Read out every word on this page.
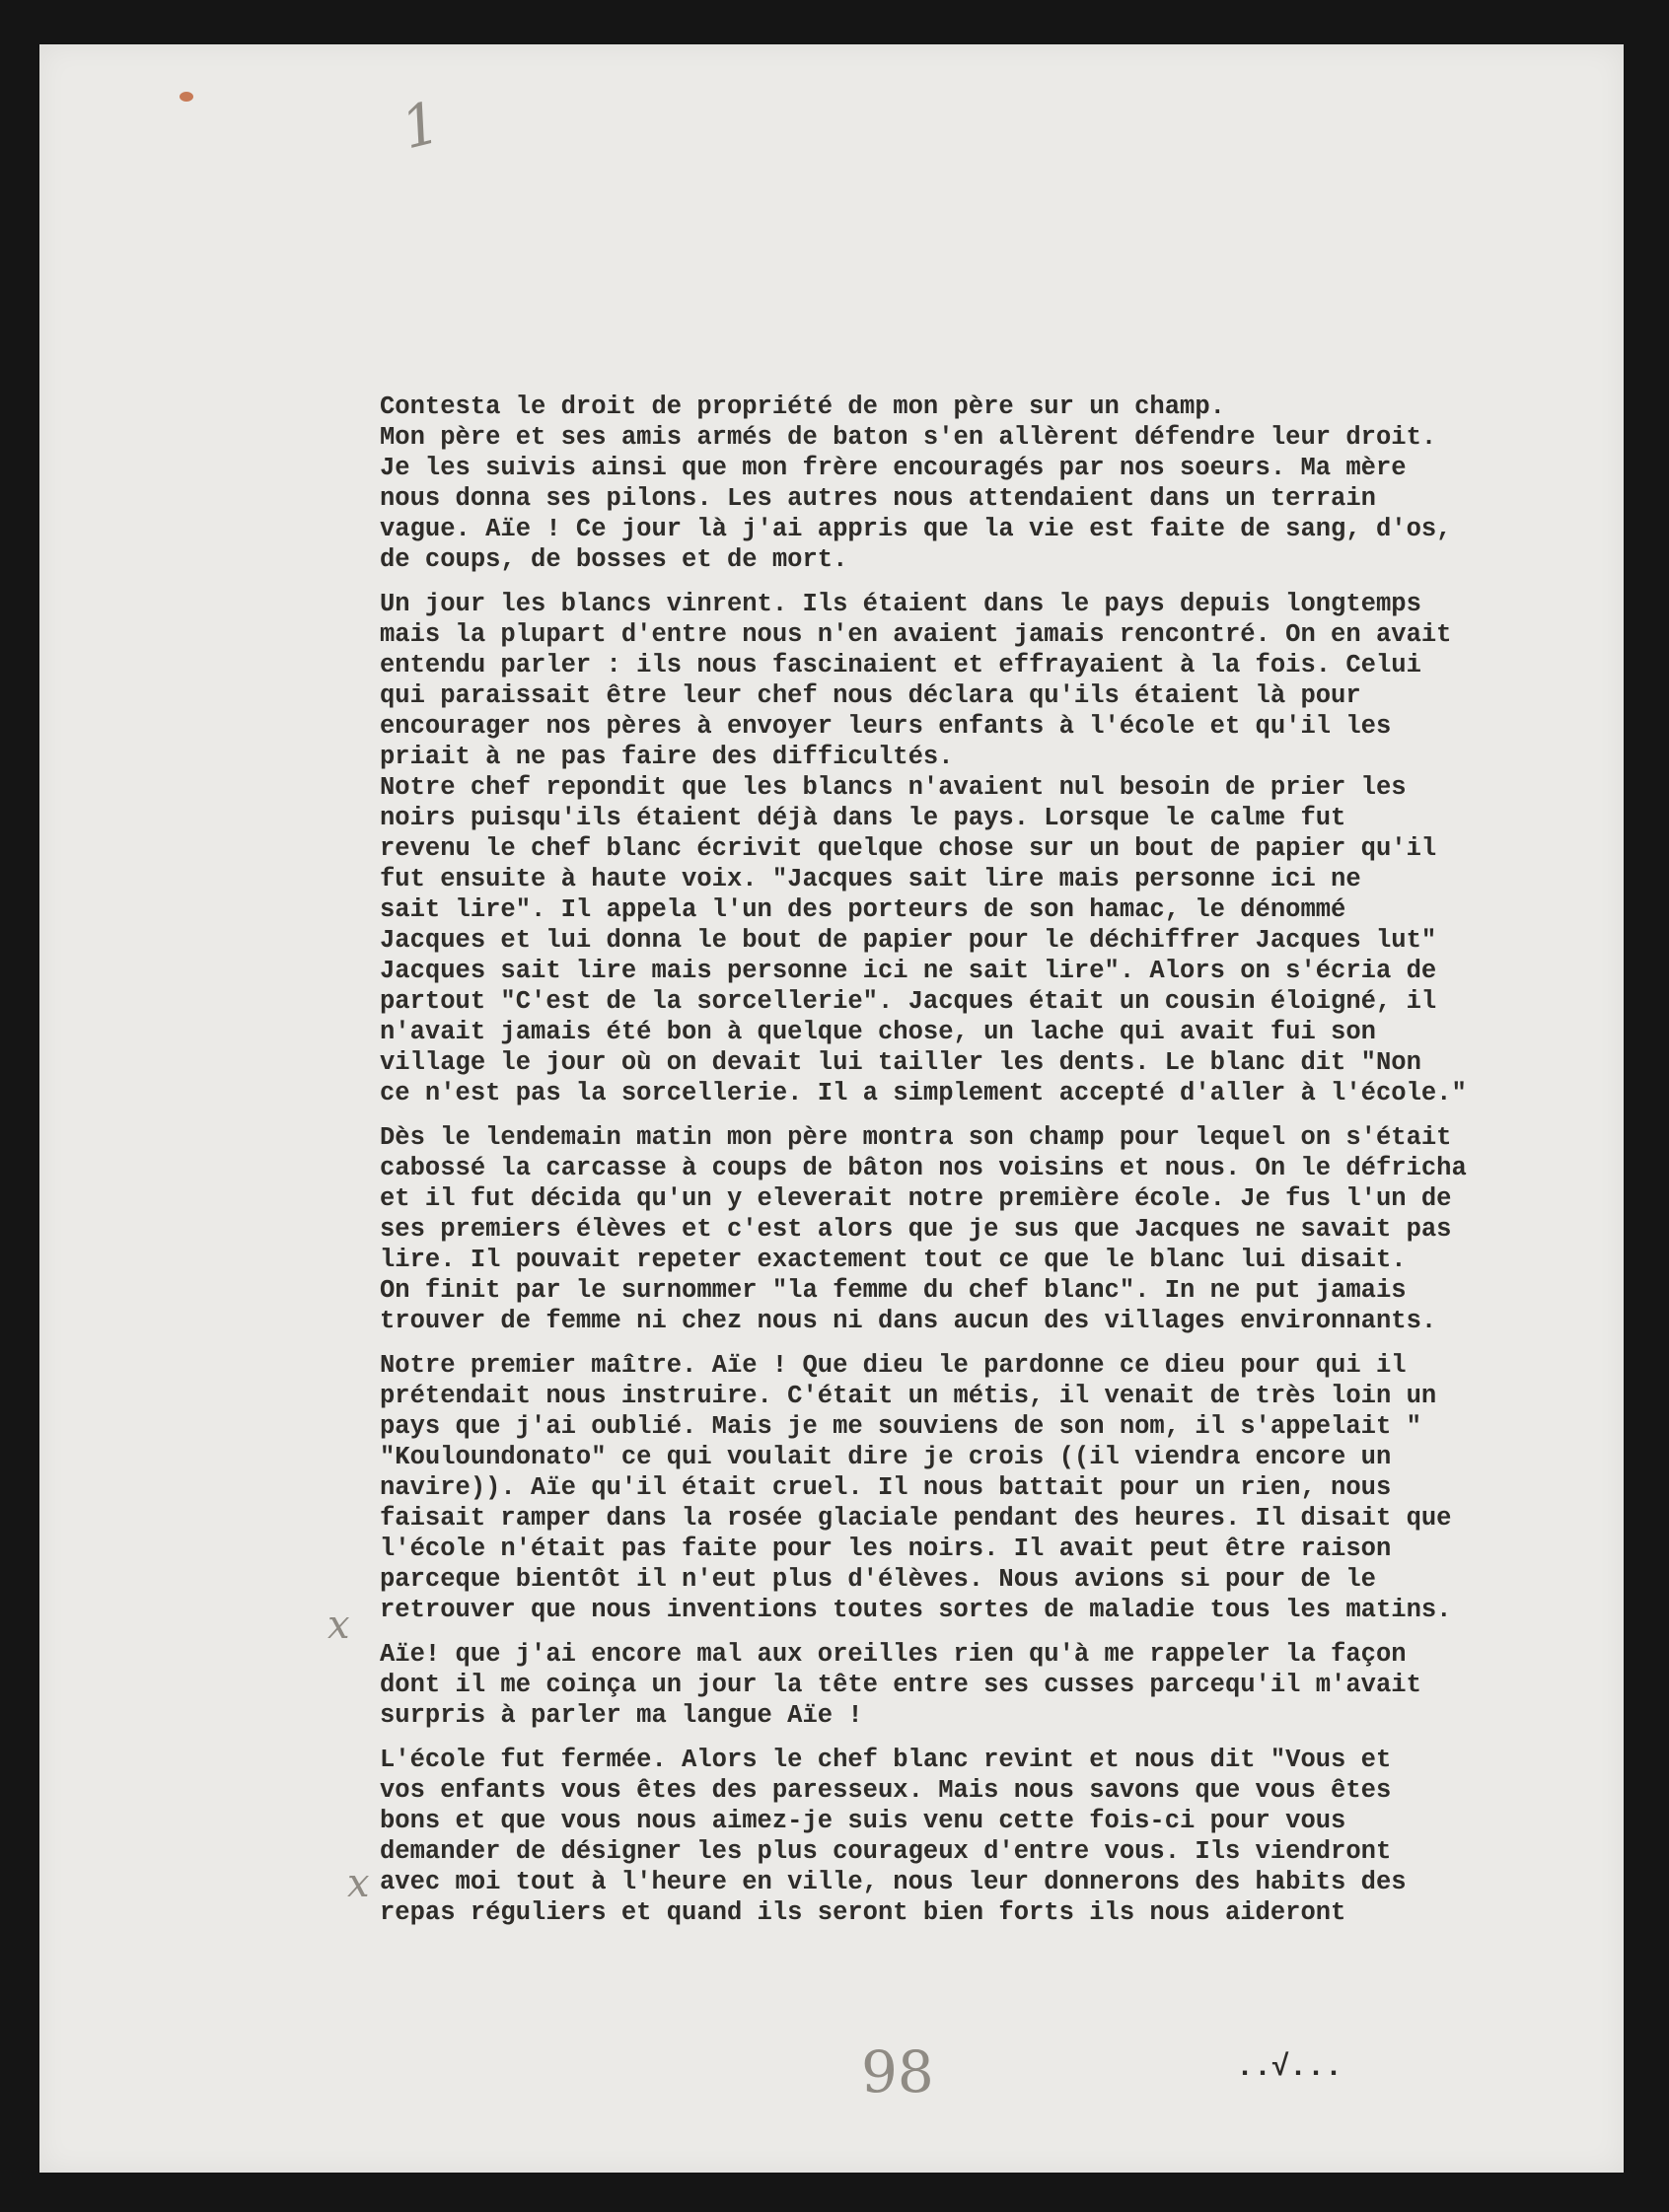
1
Contesta le droit de propriété de mon père sur un champ.
Mon père et ses amis armés de baton s'en allèrent défendre leur droit.
Je les suivis ainsi que mon frère encouragés par nos soeurs. Ma mère
nous donna ses pilons. Les autres nous attendaient dans un terrain
vague. Aïe ! Ce jour là j'ai appris que la vie est faite de sang, d'os,
de coups, de bosses et de mort.
Un jour les blancs vinrent. Ils étaient dans le pays depuis longtemps
mais la plupart d'entre nous n'en avaient jamais rencontré. On en avait
entendu parler : ils nous fascinaient et effrayaient à la fois. Celui
qui paraissait être leur chef nous déclara qu'ils étaient là pour
encourager nos pères à envoyer leurs enfants à l'école et qu'il les
priait à ne pas faire des difficultés.
Notre chef repondit que les blancs n'avaient nul besoin de prier les
noirs puisqu'ils étaient déjà dans le pays. Lorsque le calme fut
revenu le chef blanc écrivit quelque chose sur un bout de papier qu'il
fut ensuite à haute voix. "Jacques sait lire mais personne ici ne
sait lire". Il appela l'un des porteurs de son hamac, le dénommé
Jacques et lui donna le bout de papier pour le déchiffrer Jacques lut"
Jacques sait lire mais personne ici ne sait lire". Alors on s'écria de
partout "C'est de la sorcellerie". Jacques était un cousin éloigné, il
n'avait jamais été bon à quelque chose, un lache qui avait fui son
village le jour où on devait lui tailler les dents. Le blanc dit "Non
ce n'est pas la sorcellerie. Il a simplement accepté d'aller à l'école."
Dès le lendemain matin mon père montra son champ pour lequel on s'était
cabossé la carcasse à coups de bâton nos voisins et nous. On le défricha
et il fut décida qu'un y eleverait notre première école. Je fus l'un de
ses premiers élèves et c'est alors que je sus que Jacques ne savait pas
lire. Il pouvait repeter exactement tout ce que le blanc lui disait.
On finit par le surnommer "la femme du chef blanc". In ne put jamais
trouver de femme ni chez nous ni dans aucun des villages environnants.
Notre premier maître. Aïe ! Que dieu le pardonne ce dieu pour qui il
prétendait nous instruire. C'était un métis, il venait de très loin un
pays que j'ai oublié. Mais je me souviens de son nom, il s'appelait "
"Kouloundonato" ce qui voulait dire je crois ((il viendra encore un
navire)). Aïe qu'il était cruel. Il nous battait pour un rien, nous
faisait ramper dans la rosée glaciale pendant des heures. Il disait que
l'école n'était pas faite pour les noirs. Il avait peut être raison
parceque bientôt il n'eut plus d'élèves. Nous avions si pour de le
retrouver que nous inventions toutes sortes de maladie tous les matins.
Aïe! que j'ai encore mal aux oreilles rien qu'à me rappeler la façon
dont il me coinça un jour la tête entre ses cusses parcequ'il m'avait
surpris à parler ma langue Aïe !
L'école fut fermée. Alors le chef blanc revint et nous dit "Vous et
vos enfants vous êtes des paresseux. Mais nous savons que vous êtes
bons et que vous nous aimez-je suis venu cette fois-ci pour vous
demander de désigner les plus courageux d'entre vous. Ils viendront
avec moi tout à l'heure en ville, nous leur donnerons des habits des
repas réguliers et quand ils seront bien forts ils nous aideront
x
x
98	..√...
